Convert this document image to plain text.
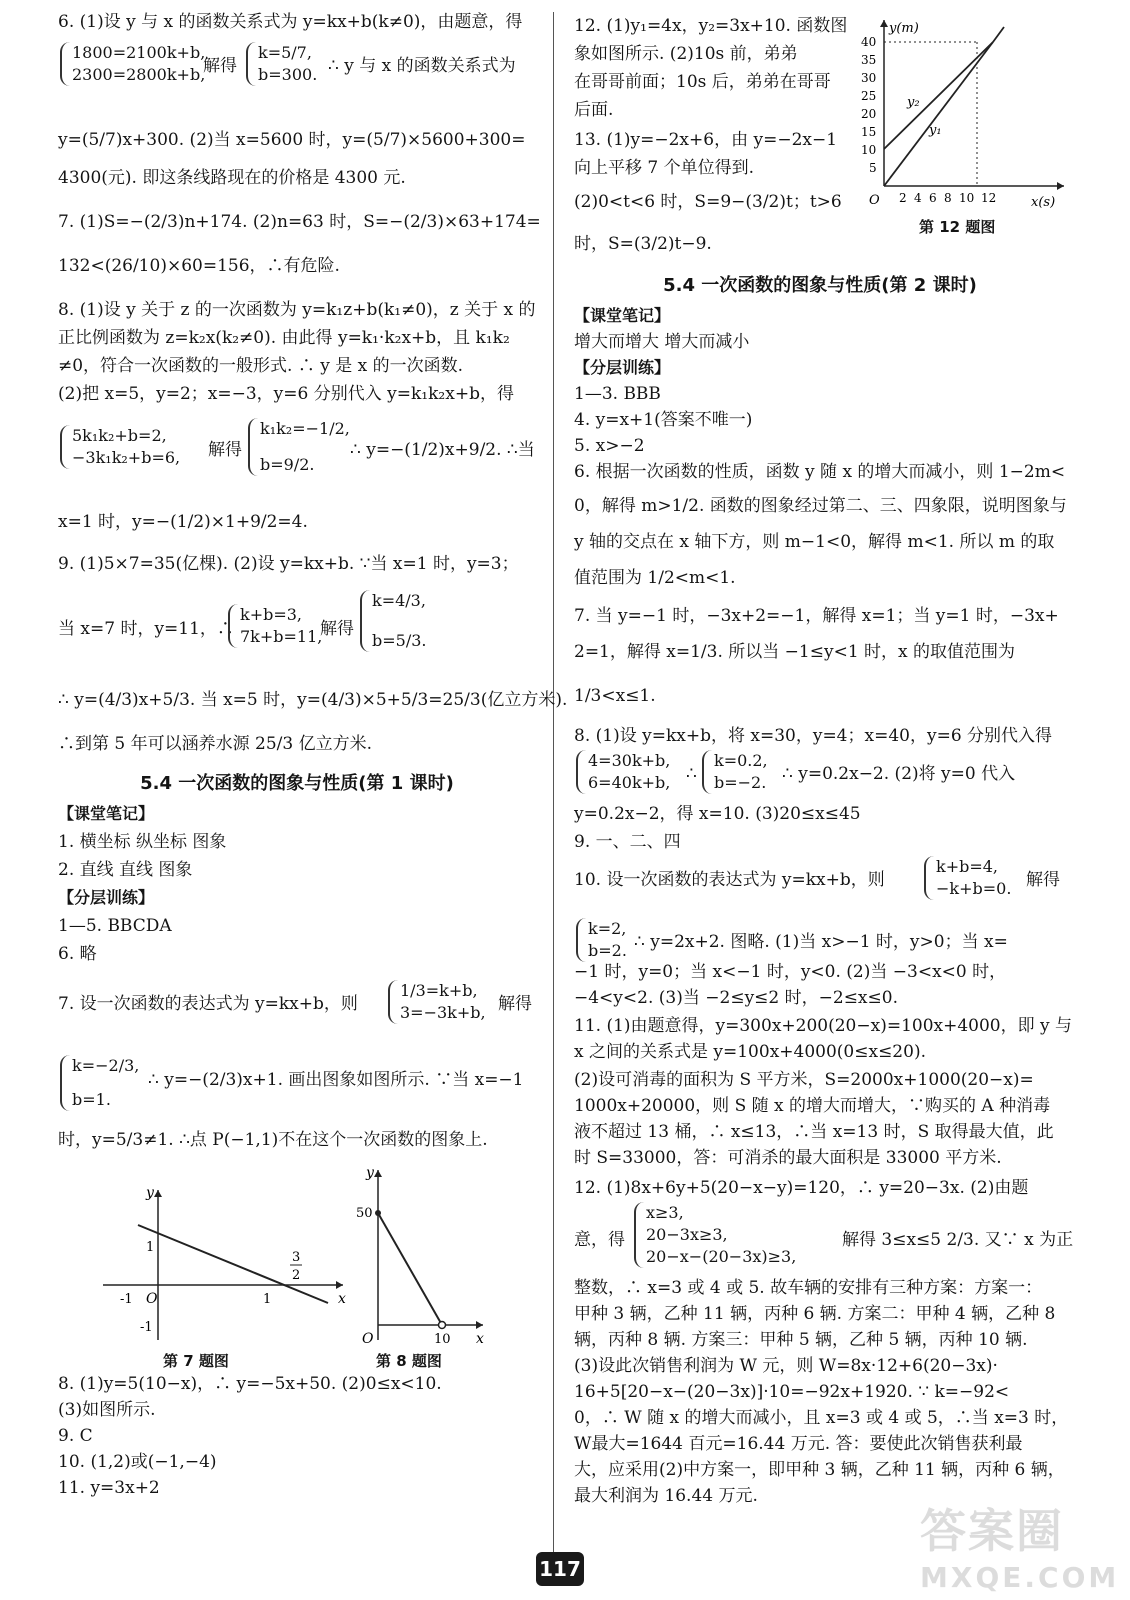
6. (1)设 y 与 x 的函数关系式为 y=kx+b(k≠0)，由题意，得
1800=2100k+b,
2300=2800k+b,
解得
k=5/7,
b=300. ∴ y 与 x 的函数关系式为
y=(5/7)x+300. (2)当 x=5600 时，y=(5/7)×5600+300=
4300(元). 即这条线路现在的价格是 4300 元.
7. (1)S=−(2/3)n+174. (2)n=63 时，S=−(2/3)×63+174=
132<(26/10)×60=156，∴有危险.
8. (1)设 y 关于 z 的一次函数为 y=k₁z+b(k₁≠0)，z 关于 x 的
正比例函数为 z=k₂x(k₂≠0). 由此得 y=k₁·k₂x+b，且 k₁k₂
≠0，符合一次函数的一般形式. ∴ y 是 x 的一次函数.
(2)把 x=5，y=2；x=−3，y=6 分别代入 y=k₁k₂x+b，得
5k₁k₂+b=2,
−3k₁k₂+b=6, 解得
k₁k₂=−1/2,
b=9/2.
∴ y=−(1/2)x+9/2. ∴当
x=1 时，y=−(1/2)×1+9/2=4.
9. (1)5×7=35(亿棵). (2)设 y=kx+b. ∵当 x=1 时，y=3；
当 x=7 时，y=11，∴
k+b=3,
7k+b=11,
解得
k=4/3,
b=5/3.
∴ y=(4/3)x+5/3. 当 x=5 时，y=(4/3)×5+5/3=25/3(亿立方米).
∴到第 5 年可以涵养水源 25/3 亿立方米.
5.4 一次函数的图象与性质(第 1 课时)
【课堂笔记】
1. 横坐标 纵坐标 图象
2. 直线 直线 图象
【分层训练】
1—5. BBCDA
6. 略
7. 设一次函数的表达式为 y=kx+b，则
1/3=k+b,
3=−3k+b, 解得
k=−2/3,
b=1.
∴ y=−(2/3)x+1. 画出图象如图所示. ∵当 x=−1
时，y=5/3≠1. ∴点 P(−1,1)不在这个一次函数的图象上.
y
x
O	1
-1
1
-1
3
2
第 7 题图
y
x
O
50
10
第 8 题图
8. (1)y=5(10−x)，∴ y=−5x+50. (2)0≤x<10.
(3)如图所示.
9. C
10. (1,2)或(−1,−4)
11. y=3x+2
12. (1)y₁=4x，y₂=3x+10. 函数图
象如图所示. (2)10s 前，弟弟
在哥哥前面；10s 后，弟弟在哥哥
后面.
13. (1)y=−2x+6，由 y=−2x−1
向上平移 7 个单位得到.
(2)0<t<6 时，S=9−(3/2)t；t>6
时，S=(3/2)t−9.
y(m)
x(s)
O
40
35
30
25
20
15
10
5
2 4 6 8 10 12
y₂
y₁
第 12 题图
5.4 一次函数的图象与性质(第 2 课时)
【课堂笔记】
增大而增大 增大而减小
【分层训练】
1—3. BBB
4. y=x+1(答案不唯一)
5. x>−2
6. 根据一次函数的性质，函数 y 随 x 的增大而减小，则 1−2m<
0，解得 m>1/2. 函数的图象经过第二、三、四象限，说明图象与
y 轴的交点在 x 轴下方，则 m−1<0，解得 m<1. 所以 m 的取
值范围为 1/2<m<1.
7. 当 y=−1 时，−3x+2=−1，解得 x=1；当 y=1 时，−3x+
2=1，解得 x=1/3. 所以当 −1≤y<1 时，x 的取值范围为
1/3<x≤1.
8. (1)设 y=kx+b，将 x=30，y=4；x=40，y=6 分别代入得
4=30k+b,
6=40k+b, ∴
k=0.2,
b=−2. ∴ y=0.2x−2. (2)将 y=0 代入
y=0.2x−2，得 x=10. (3)20≤x≤45
9. 一、二、四
10. 设一次函数的表达式为 y=kx+b，则
k+b=4,
−k+b=0. 解得
k=2,
b=2. ∴ y=2x+2. 图略. (1)当 x>−1 时，y>0；当 x=
−1 时，y=0；当 x<−1 时，y<0. (2)当 −3<x<0 时，
−4<y<2. (3)当 −2≤y≤2 时，−2≤x≤0.
11. (1)由题意得，y=300x+200(20−x)=100x+4000，即 y 与
x 之间的关系式是 y=100x+4000(0≤x≤20).
(2)设可消毒的面积为 S 平方米，S=2000x+1000(20−x)=
1000x+20000，则 S 随 x 的增大而增大，∵购买的 A 种消毒
液不超过 13 桶，∴ x≤13，∴当 x=13 时，S 取得最大值，此
时 S=33000，答：可消杀的最大面积是 33000 平方米.
12. (1)8x+6y+5(20−x−y)=120，∴ y=20−3x. (2)由题
意，得
x≥3,
20−3x≥3,
20−x−(20−3x)≥3,
解得 3≤x≤5 2/3. 又∵ x 为正
整数，∴ x=3 或 4 或 5. 故车辆的安排有三种方案：方案一：
甲种 3 辆，乙种 11 辆，丙种 6 辆. 方案二：甲种 4 辆，乙种 8
辆，丙种 8 辆. 方案三：甲种 5 辆，乙种 5 辆，丙种 10 辆.
(3)设此次销售利润为 W 元，则 W=8x·12+6(20−3x)·
16+5[20−x−(20−3x)]·10=−92x+1920. ∵ k=−92<
0，∴ W 随 x 的增大而减小，且 x=3 或 4 或 5，∴当 x=3 时，
W最大=1644 百元=16.44 万元. 答：要使此次销售获利最
大，应采用(2)中方案一，即甲种 3 辆，乙种 11 辆，丙种 6 辆，
最大利润为 16.44 万元.
117
答案圈
MXQE.COM
